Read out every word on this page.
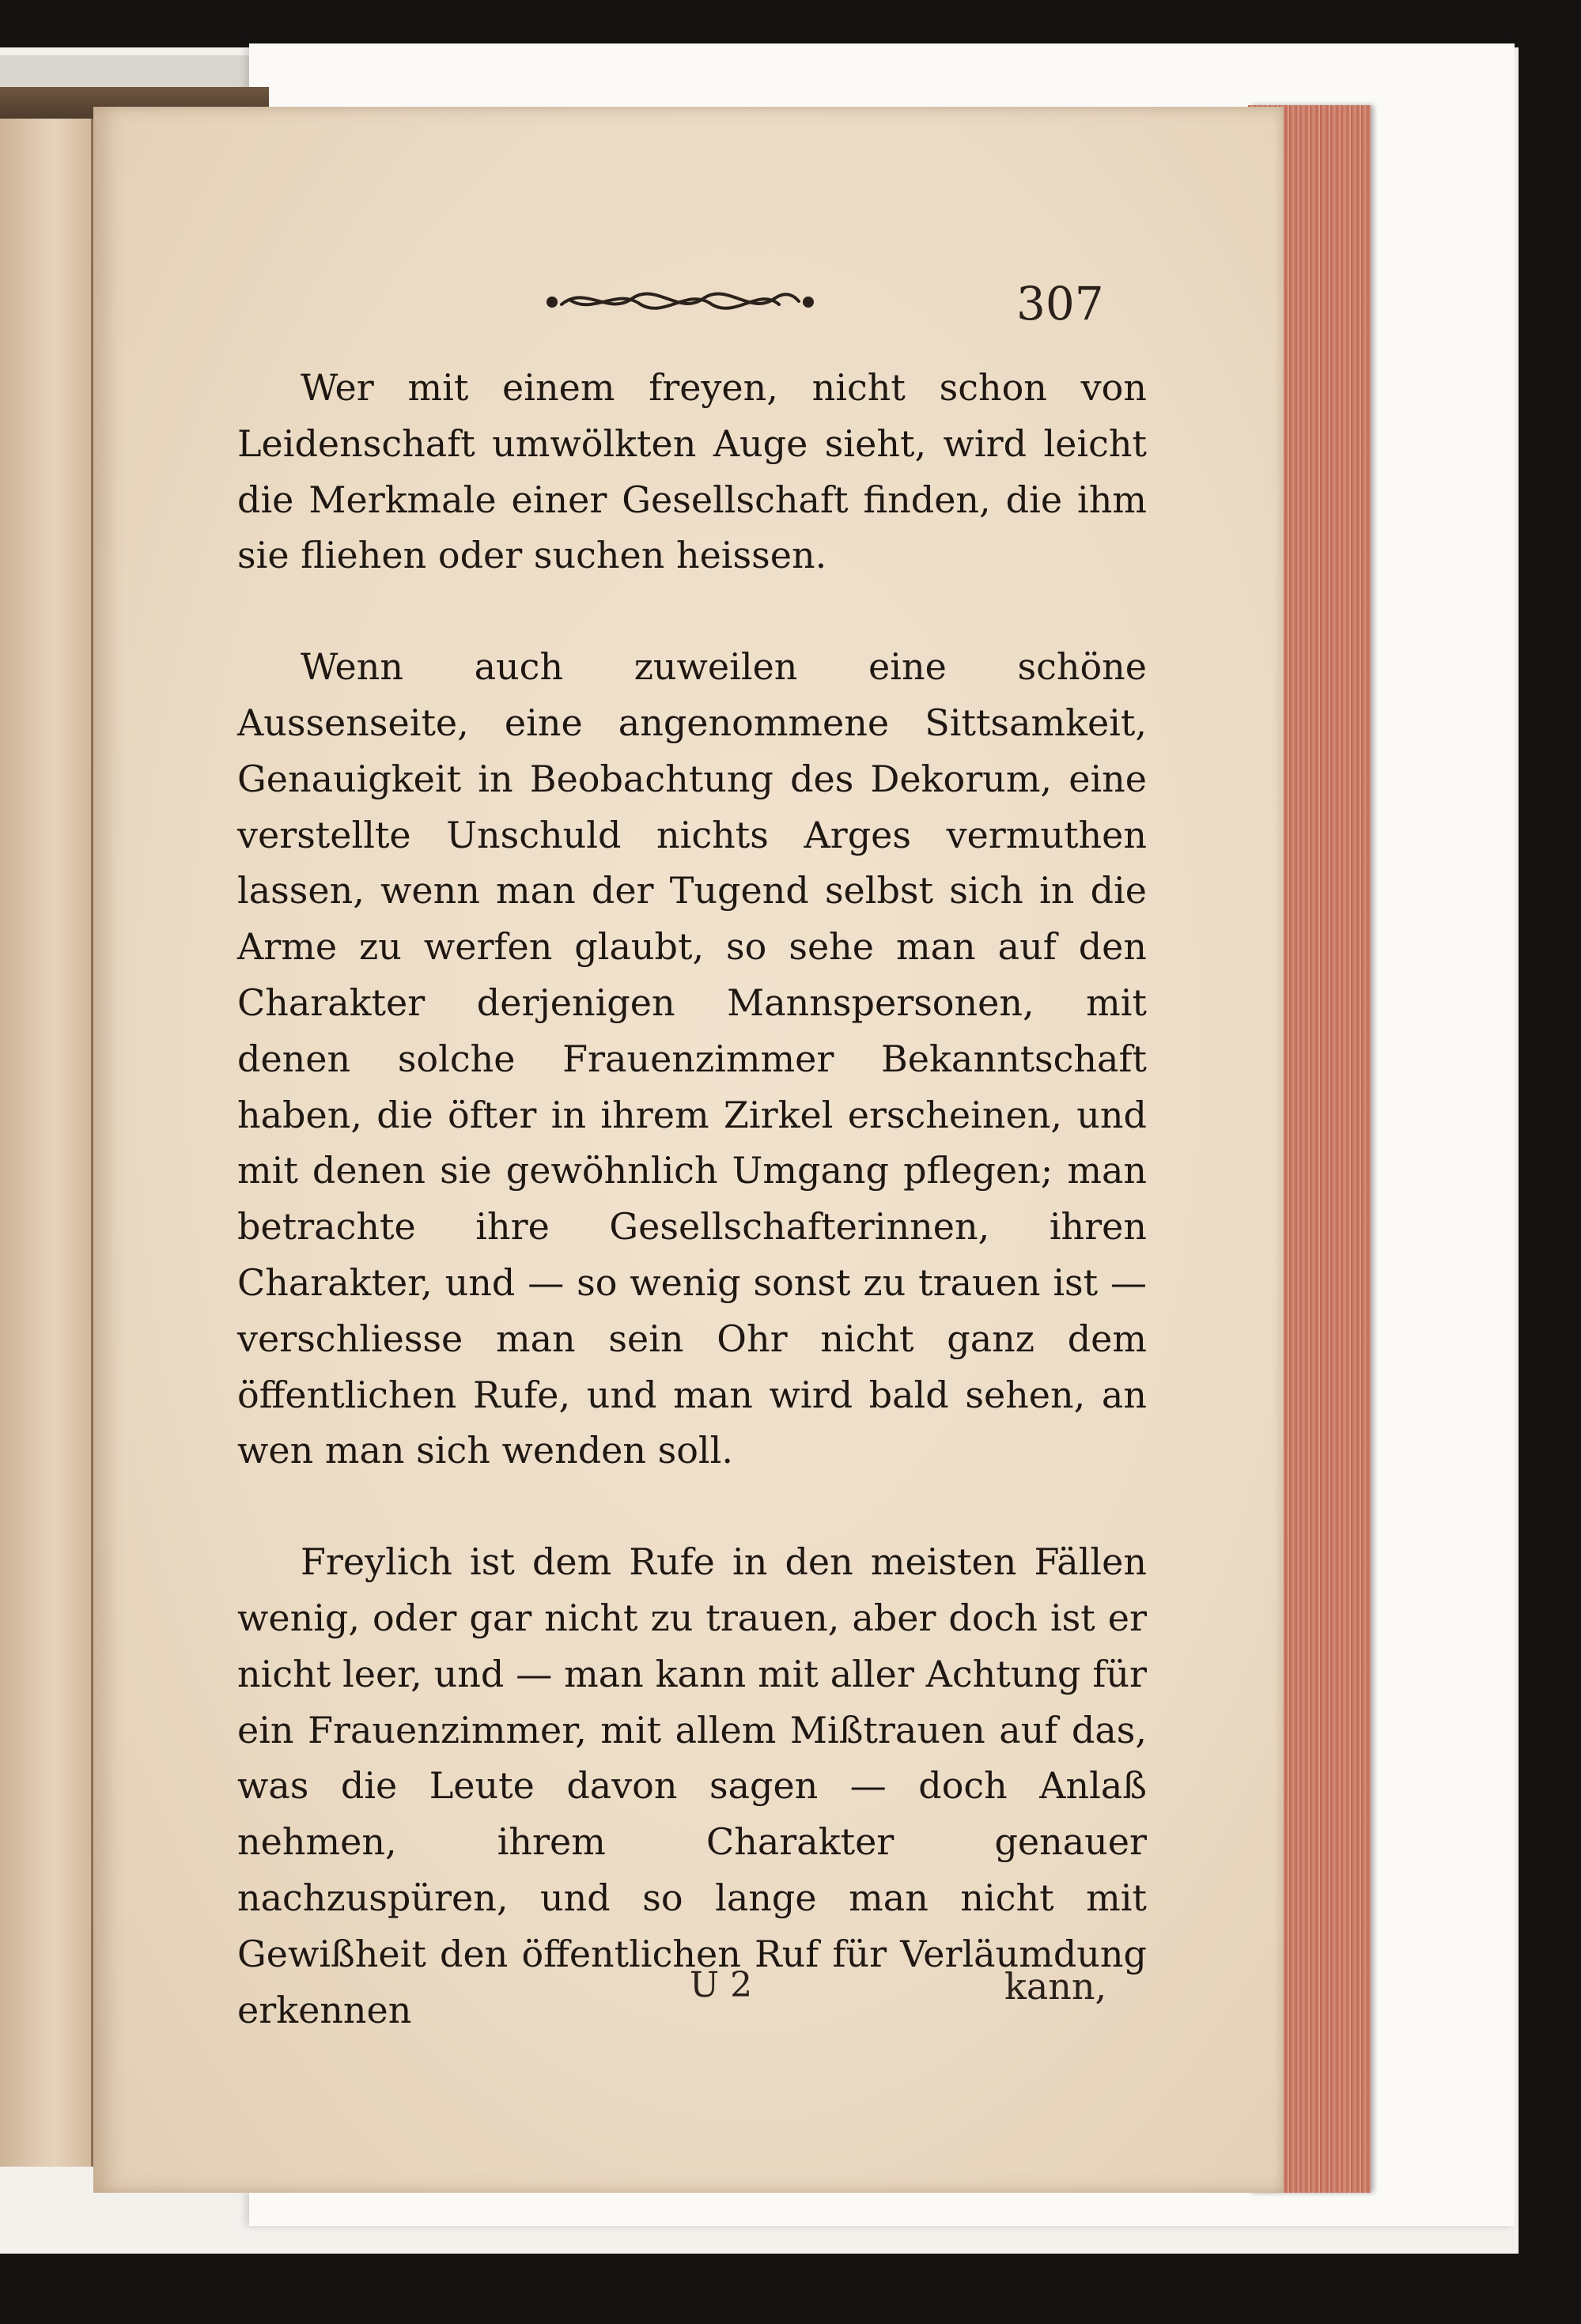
307

Wer mit einem freyen, nicht schon von Leidenschaft umwölkten Auge sieht, wird leicht die Merkmale einer Gesellschaft finden, die ihm sie fliehen oder suchen heissen.

Wenn auch zuweilen eine schöne Aussenseite, eine angenommene Sittsamkeit, Genauigkeit in Beobachtung des Dekorum, eine verstellte Unschuld nichts Arges vermuthen lassen, wenn man der Tugend selbst sich in die Arme zu werfen glaubt, so sehe man auf den Charakter derjenigen Mannspersonen, mit denen solche Frauenzimmer Bekanntschaft haben, die öfter in ihrem Zirkel erscheinen, und mit denen sie gewöhnlich Umgang pflegen; man betrachte ihre Gesellschafterinnen, ihren Charakter, und — so wenig sonst zu trauen ist — verschliesse man sein Ohr nicht ganz dem öffentlichen Rufe, und man wird bald sehen, an wen man sich wenden soll.

Freylich ist dem Rufe in den meisten Fällen wenig, oder gar nicht zu trauen, aber doch ist er nicht leer, und — man kann mit aller Achtung für ein Frauenzimmer, mit allem Mißtrauen auf das, was die Leute davon sagen — doch Anlaß nehmen, ihrem Charakter genauer nachzuspüren, und so lange man nicht mit Gewißheit den öffentlichen Ruf für Verläumdung erkennen

U 2	kann,
